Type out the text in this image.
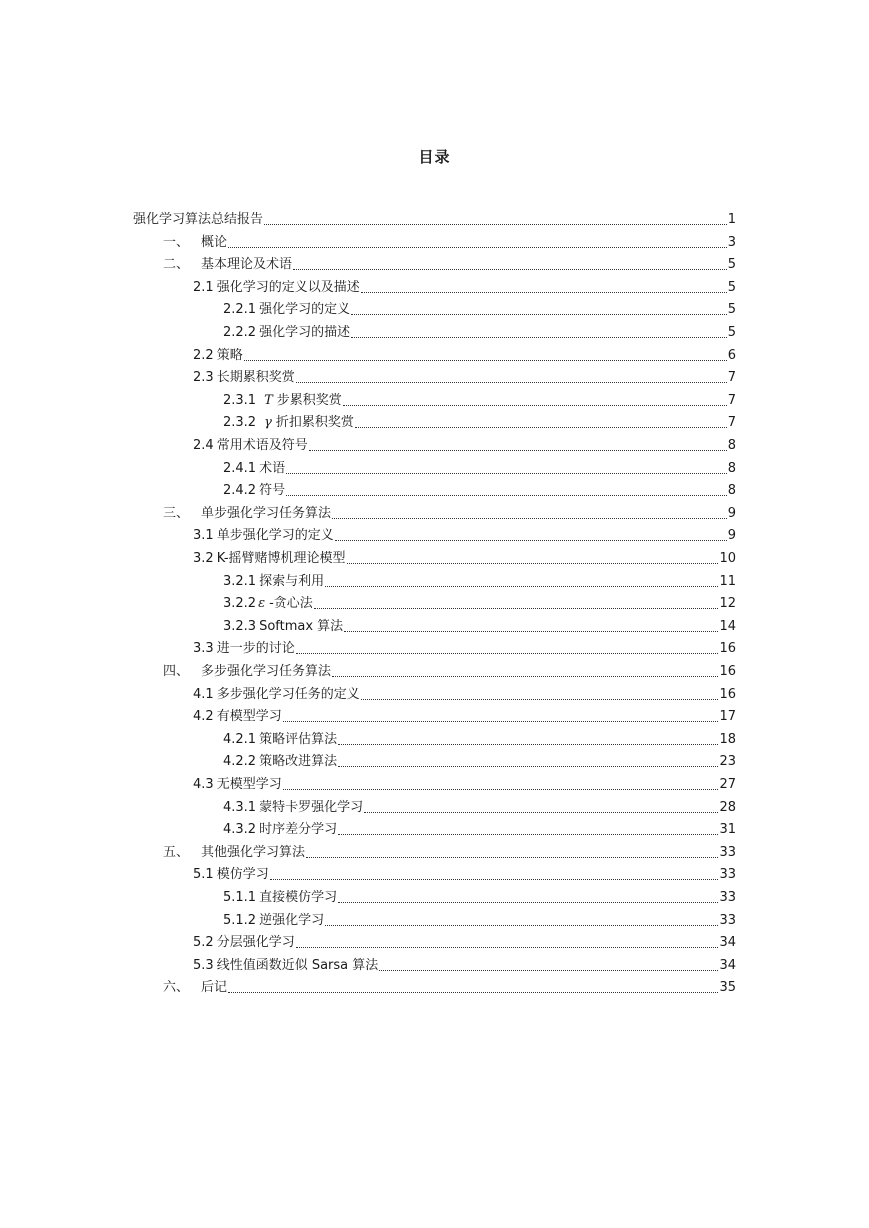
目录
强化学习算法总结报告	1
一、 概论	3
二、 基本理论及术语	5
2.1 强化学习的定义以及描述	5
2.2.1 强化学习的定义	5
2.2.2 强化学习的描述	5
2.2 策略	6
2.3 长期累积奖赏	7
2.3.1 T 步累积奖赏	7
2.3.2 γ 折扣累积奖赏	7
2.4 常用术语及符号	8
2.4.1 术语	8
2.4.2 符号	8
三、 单步强化学习任务算法	9
3.1 单步强化学习的定义	9
3.2 K-摇臂赌博机理论模型	10
3.2.1 探索与利用	11
3.2.2 ε -贪心法	12
3.2.3 Softmax 算法	14
3.3 进一步的讨论	16
四、 多步强化学习任务算法	16
4.1 多步强化学习任务的定义	16
4.2 有模型学习	17
4.2.1 策略评估算法	18
4.2.2 策略改进算法	23
4.3 无模型学习	27
4.3.1 蒙特卡罗强化学习	28
4.3.2 时序差分学习	31
五、 其他强化学习算法	33
5.1 模仿学习	33
5.1.1 直接模仿学习	33
5.1.2 逆强化学习	33
5.2 分层强化学习	34
5.3 线性值函数近似 Sarsa 算法	34
六、 后记	35
